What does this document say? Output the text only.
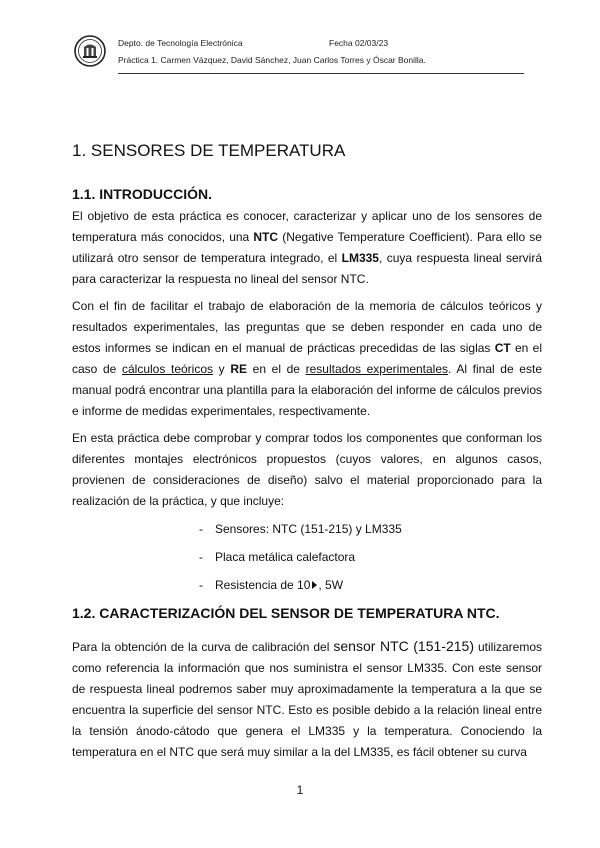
Depto. de Tecnología Electrónica	Fecha 02/03/23
Práctica 1. Carmen Vázquez, David Sánchez, Juan Carlos Torres y Óscar Bonilla.
1. SENSORES DE TEMPERATURA
1.1. INTRODUCCIÓN.

El objetivo de esta práctica es conocer, caracterizar y aplicar uno de los sensores de temperatura más conocidos, una NTC (Negative Temperature Coefficient). Para ello se utilizará otro sensor de temperatura integrado, el LM335, cuya respuesta lineal servirá para caracterizar la respuesta no lineal del sensor NTC.

Con el fin de facilitar el trabajo de elaboración de la memoria de cálculos teóricos y resultados experimentales, las preguntas que se deben responder en cada uno de estos informes se indican en el manual de prácticas precedidas de las siglas CT en el caso de cálculos teóricos y RE en el de resultados experimentales. Al final de este manual podrá encontrar una plantilla para la elaboración del informe de cálculos previos e informe de medidas experimentales, respectivamente.

En esta práctica debe comprobar y comprar todos los componentes que conforman los diferentes montajes electrónicos propuestos (cuyos valores, en algunos casos, provienen de consideraciones de diseño) salvo el material proporcionado para la realización de la práctica, y que incluye:

- Sensores: NTC (151-215) y LM335
- Placa metálica calefactora
- Resistencia de 10 , 5W
1.2. CARACTERIZACIÓN DEL SENSOR DE TEMPERATURA NTC.

Para la obtención de la curva de calibración del sensor NTC (151-215) utilizaremos como referencia la información que nos suministra el sensor LM335. Con este sensor de respuesta lineal podremos saber muy aproximadamente la temperatura a la que se encuentra la superficie del sensor NTC. Esto es posible debido a la relación lineal entre la tensión ánodo-cátodo que genera el LM335 y la temperatura. Conociendo la temperatura en el NTC que será muy similar a la del LM335, es fácil obtener su curva

1
